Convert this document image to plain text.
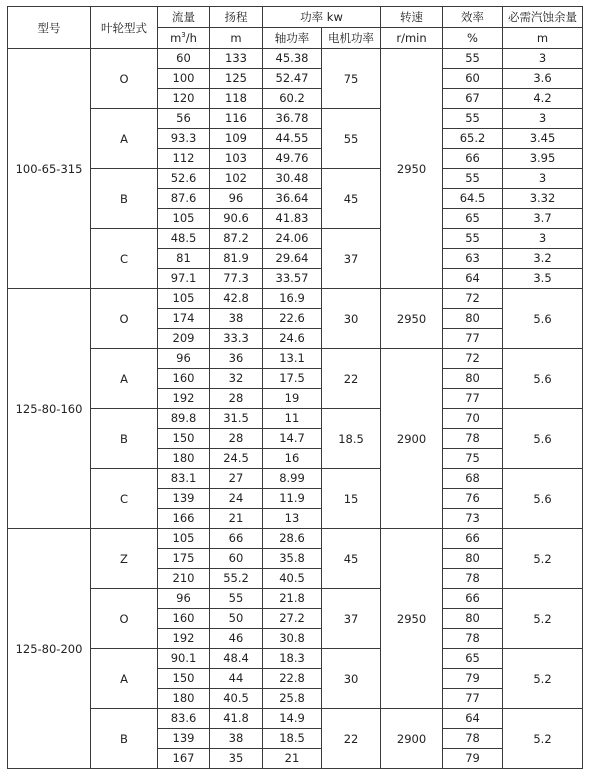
型号	叶轮型式	流量	扬程	功率 kw		转速	效率	必需汽蚀余量
		$m^3/h$	m	轴功率	电机功率	r/min	%	m
100-65-315	O	60	133	45.38	75	2950	55	3
		100	125	52.47			60	3.6
		120	118	60.2			67	4.2
	A	56	116	36.78	55		55	3
		93.3	109	44.55			65.2	3.45
		112	103	49.76			66	3.95
	B	52.6	102	30.48	45		55	3
		87.6	96	36.64			64.5	3.32
		105	90.6	41.83			65	3.7
	C	48.5	87.2	24.06	37		55	3
		81	81.9	29.64			63	3.2
		97.1	77.3	33.57			64	3.5
125-80-160	O	105	42.8	16.9	30	2950	72	5.6
		174	38	22.6			80	
		209	33.3	24.6			77	
	A	96	36	13.1	22	2900	72	5.6
		160	32	17.5			80	
		192	28	19			77	
	B	89.8	31.5	11	18.5		70	5.6
		150	28	14.7			78	
		180	24.5	16			75	
	C	83.1	27	8.99	15		68	5.6
		139	24	11.9			76	
		166	21	13			73	
125-80-200	Z	105	66	28.6	45	2950	66	5.2
		175	60	35.8			80	
		210	55.2	40.5			78	
	O	96	55	21.8	37		66	5.2
		160	50	27.2			80	
		192	46	30.8			78	
	A	90.1	48.4	18.3	30		65	5.2
		150	44	22.8			79	
		180	40.5	25.8			77	
	B	83.6	41.8	14.9	22	2900	64	5.2
		139	38	18.5			78	
		167	35	21			79	
